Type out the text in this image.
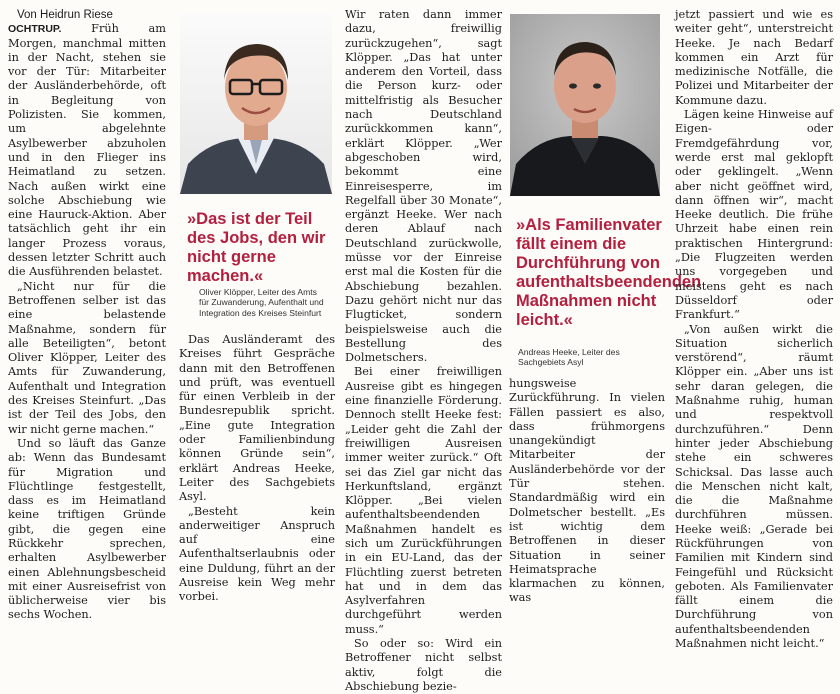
Von Heidrun Riese

OCHTRUP. Früh am Morgen, manchmal mitten in der Nacht, stehen sie vor der Tür: Mitarbeiter der Ausländerbehörde, oft in Begleitung von Polizisten. Sie kommen, um abgelehnte Asylbewerber abzuholen und in den Flieger ins Heimatland zu setzen. Nach außen wirkt eine solche Abschiebung wie eine Hauruck-Aktion. Aber tatsächlich geht ihr ein langer Prozess voraus, dessen letzter Schritt auch die Ausführenden belastet.

„Nicht nur für die Betroffenen selber ist das eine belastende Maßnahme, sondern für alle Beteiligten“, betont Oliver Klöpper, Leiter des Amts für Zuwanderung, Aufenthalt und Integration des Kreises Steinfurt. „Das ist der Teil des Jobs, den wir nicht gerne machen.“

Und so läuft das Ganze ab: Wenn das Bundesamt für Migration und Flüchtlinge festgestellt, dass es im Heimatland keine triftigen Gründe gibt, die gegen eine Rückkehr sprechen, erhalten Asylbewerber einen Ablehnungsbescheid mit einer Ausreisefrist von üblicherweise vier bis sechs Wochen.

»Das ist der Teil des Jobs, den wir nicht gerne machen.«
Oliver Klöpper, Leiter des Amts für Zuwanderung, Aufenthalt und Integration des Kreises Steinfurt

Das Ausländeramt des Kreises führt Gespräche dann mit den Betroffenen und prüft, was eventuell für einen Verbleib in der Bundesrepublik spricht. „Eine gute Integration oder Familienbindung können Gründe sein“, erklärt Andreas Heeke, Leiter des Sachgebiets Asyl.

„Besteht kein anderweitiger Anspruch auf eine Aufenthaltserlaubnis oder eine Duldung, führt an der Ausreise kein Weg mehr vorbei.

Wir raten dann immer dazu, freiwillig zurückzugehen“, sagt Klöpper. „Das hat unter anderem den Vorteil, dass die Person kurz- oder mittelfristig als Besucher nach Deutschland zurückkommen kann“, erklärt Klöpper. „Wer abgeschoben wird, bekommt eine Einreisesperre, im Regelfall über 30 Monate“, ergänzt Heeke. Wer nach deren Ablauf nach Deutschland zurückwolle, müsse vor der Einreise erst mal die Kosten für die Abschiebung bezahlen. Dazu gehört nicht nur das Flugticket, sondern beispielsweise auch die Bestellung des Dolmetschers.

Bei einer freiwilligen Ausreise gibt es hingegen eine finanzielle Förderung. Dennoch stellt Heeke fest: „Leider geht die Zahl der freiwilligen Ausreisen immer weiter zurück.“ Oft sei das Ziel gar nicht das Herkunftsland, ergänzt Klöpper. „Bei vielen aufenthaltsbeendenden Maßnahmen handelt es sich um Zurückführungen in ein EU-Land, das der Flüchtling zuerst betreten hat und in dem das Asylverfahren durchgeführt werden muss.“

So oder so: Wird ein Betroffener nicht selbst aktiv, folgt die Abschiebung bezie-

»Als Familienvater fällt einem die Durchführung von aufenthaltsbeendenden Maßnahmen nicht leicht.«
Andreas Heeke, Leiter des Sachgebiets Asyl

hungsweise Zurückführung. In vielen Fällen passiert es also, dass frühmorgens unangekündigt Mitarbeiter der Ausländerbehörde vor der Tür stehen. Standardmäßig wird ein Dolmetscher bestellt. „Es ist wichtig dem Betroffenen in dieser Situation in seiner Heimatsprache klarmachen zu können, was

jetzt passiert und wie es weiter geht“, unterstreicht Heeke. Je nach Bedarf kommen ein Arzt für medizinische Notfälle, die Polizei und Mitarbeiter der Kommune dazu.

Lägen keine Hinweise auf Eigen- oder Fremdgefährdung vor, werde erst mal geklopft oder geklingelt. „Wenn aber nicht geöffnet wird, dann öffnen wir“, macht Heeke deutlich. Die frühe Uhrzeit habe einen rein praktischen Hintergrund: „Die Flugzeiten werden uns vorgegeben und meistens geht es nach Düsseldorf oder Frankfurt.“

„Von außen wirkt die Situation sicherlich verstörend“, räumt Klöpper ein. „Aber uns ist sehr daran gelegen, die Maßnahme ruhig, human und respektvoll durchzuführen.“ Denn hinter jeder Abschiebung stehe ein schweres Schicksal. Das lasse auch die Menschen nicht kalt, die die Maßnahme durchführen müssen. Heeke weiß: „Gerade bei Rückführungen von Familien mit Kindern sind Feingefühl und Rücksicht geboten. Als Familienvater fällt einem die Durchführung von aufenthaltsbeendenden Maßnahmen nicht leicht.“
